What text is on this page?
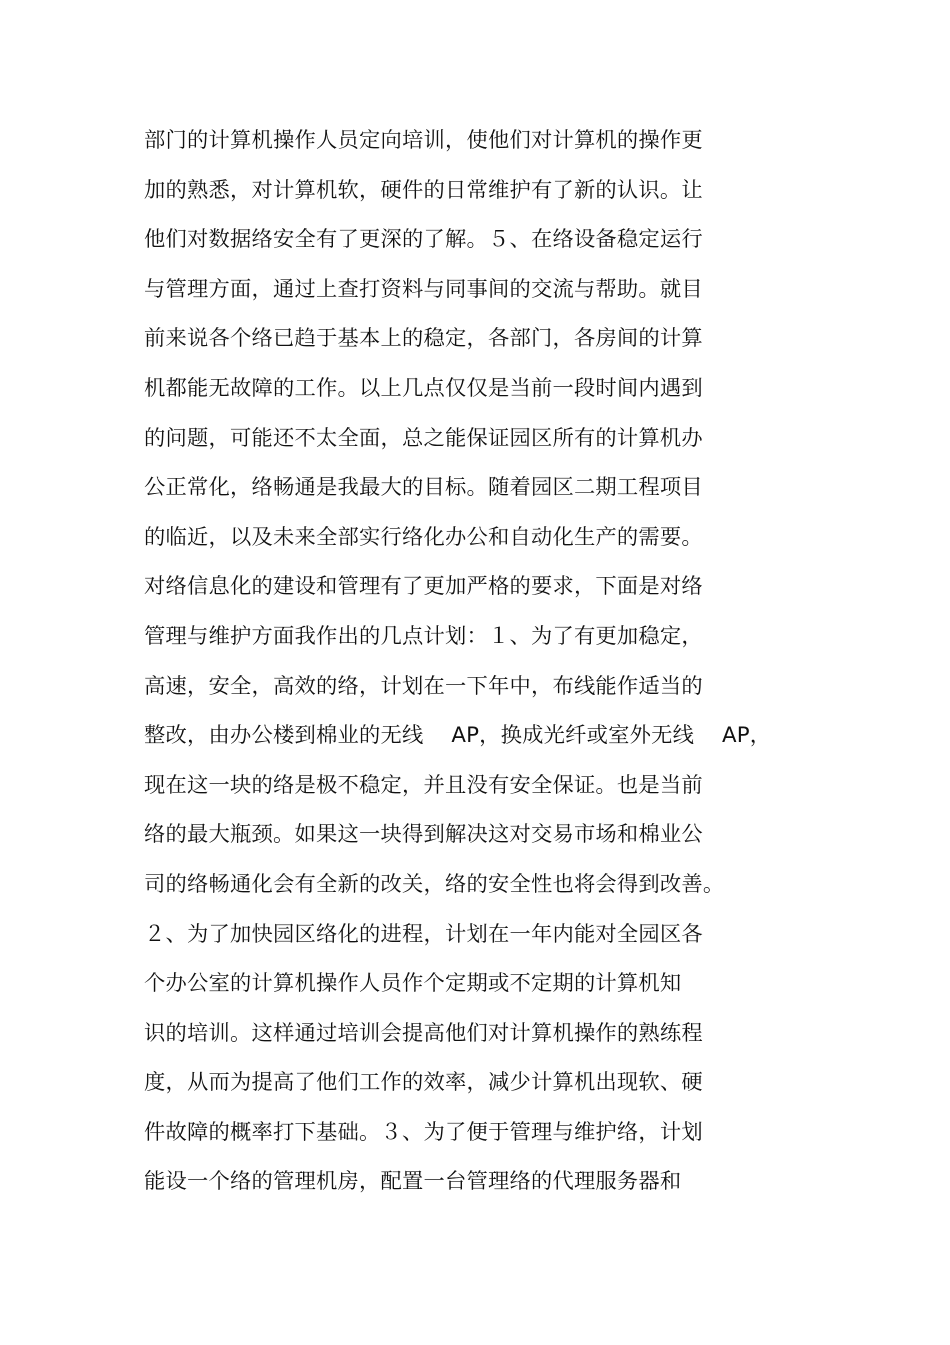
部门的计算机操作人员定向培训，使他们对计算机的操作更
加的熟悉，对计算机软，硬件的日常维护有了新的认识。让
他们对数据络安全有了更深的了解。５、在络设备稳定运行
与管理方面，通过上查打资料与同事间的交流与帮助。就目
前来说各个络已趋于基本上的稳定，各部门，各房间的计算
机都能无故障的工作。以上几点仅仅是当前一段时间内遇到
的问题，可能还不太全面，总之能保证园区所有的计算机办
公正常化，络畅通是我最大的目标。随着园区二期工程项目
的临近，以及未来全部实行络化办公和自动化生产的需要。
对络信息化的建设和管理有了更加严格的要求，下面是对络
管理与维护方面我作出的几点计划：１、为了有更加稳定，
高速，安全，高效的络，计划在一下年中，布线能作适当的
整改，由办公楼到棉业的无线    AP，换成光纤或室外无线    AP，
现在这一块的络是极不稳定，并且没有安全保证。也是当前
络的最大瓶颈。如果这一块得到解决这对交易市场和棉业公
司的络畅通化会有全新的改关，络的安全性也将会得到改善。
２、为了加快园区络化的进程，计划在一年内能对全园区各
个办公室的计算机操作人员作个定期或不定期的计算机知
识的培训。这样通过培训会提高他们对计算机操作的熟练程
度，从而为提高了他们工作的效率，减少计算机出现软、硬
件故障的概率打下基础。３、为了便于管理与维护络，计划
能设一个络的管理机房，配置一台管理络的代理服务器和
